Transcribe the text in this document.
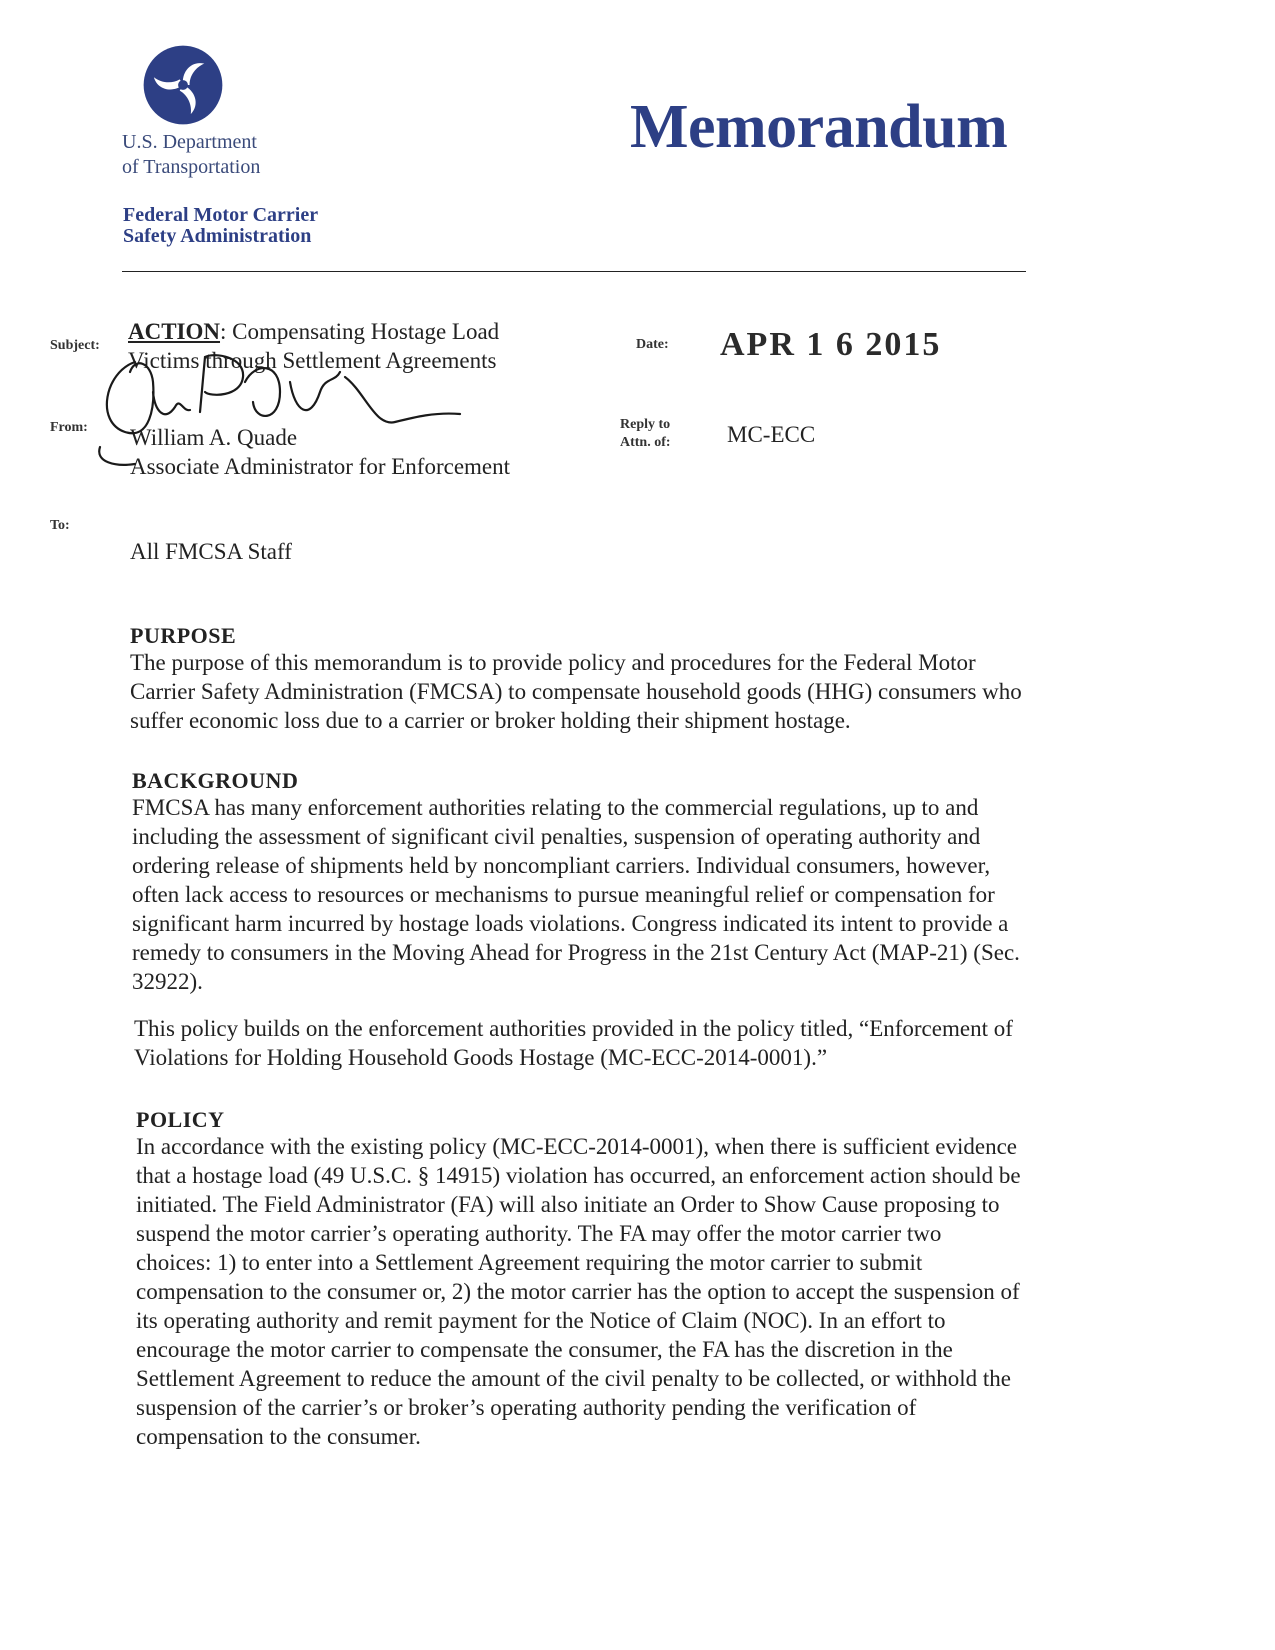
U.S. Department
of Transportation
Federal Motor Carrier
Safety Administration
Memorandum
Subject:
ACTION: Compensating Hostage Load
Victims through Settlement Agreements
Date: APR 1 6 2015
From: William A. Quade
Associate Administrator for Enforcement
Reply to
Attn. of: MC-ECC
To:
All FMCSA Staff
PURPOSE
The purpose of this memorandum is to provide policy and procedures for the Federal Motor
Carrier Safety Administration (FMCSA) to compensate household goods (HHG) consumers who
suffer economic loss due to a carrier or broker holding their shipment hostage.
BACKGROUND
FMCSA has many enforcement authorities relating to the commercial regulations, up to and
including the assessment of significant civil penalties, suspension of operating authority and
ordering release of shipments held by noncompliant carriers. Individual consumers, however,
often lack access to resources or mechanisms to pursue meaningful relief or compensation for
significant harm incurred by hostage loads violations. Congress indicated its intent to provide a
remedy to consumers in the Moving Ahead for Progress in the 21st Century Act (MAP-21) (Sec.
32922).
This policy builds on the enforcement authorities provided in the policy titled, “Enforcement of
Violations for Holding Household Goods Hostage (MC-ECC-2014-0001).”
POLICY
In accordance with the existing policy (MC-ECC-2014-0001), when there is sufficient evidence
that a hostage load (49 U.S.C. § 14915) violation has occurred, an enforcement action should be
initiated. The Field Administrator (FA) will also initiate an Order to Show Cause proposing to
suspend the motor carrier’s operating authority. The FA may offer the motor carrier two
choices: 1) to enter into a Settlement Agreement requiring the motor carrier to submit
compensation to the consumer or, 2) the motor carrier has the option to accept the suspension of
its operating authority and remit payment for the Notice of Claim (NOC). In an effort to
encourage the motor carrier to compensate the consumer, the FA has the discretion in the
Settlement Agreement to reduce the amount of the civil penalty to be collected, or withhold the
suspension of the carrier’s or broker’s operating authority pending the verification of
compensation to the consumer.
